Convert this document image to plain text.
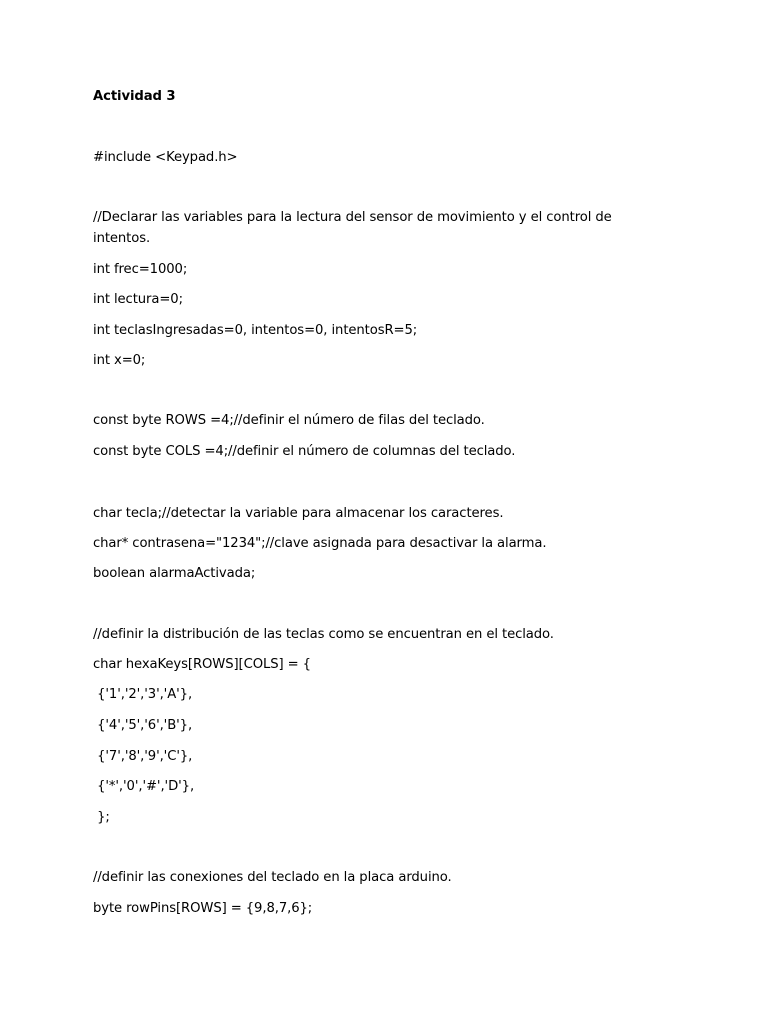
Actividad 3
#include <Keypad.h>
//Declarar las variables para la lectura del sensor de movimiento y el control de intentos.
int frec=1000;
int lectura=0;
int teclasIngresadas=0, intentos=0, intentosR=5;
int x=0;
const byte ROWS =4;//definir el número de filas del teclado.
const byte COLS =4;//definir el número de columnas del teclado.
char tecla;//detectar la variable para almacenar los caracteres.
char* contrasena="1234";//clave asignada para desactivar la alarma.
boolean alarmaActivada;
//definir la distribución de las teclas como se encuentran en el teclado.
char hexaKeys[ROWS][COLS] = {
{'1','2','3','A'},
{'4','5','6','B'},
{'7','8','9','C'},
{'*','0','#','D'},
};
//definir las conexiones del teclado en la placa arduino.
byte rowPins[ROWS] = {9,8,7,6};
